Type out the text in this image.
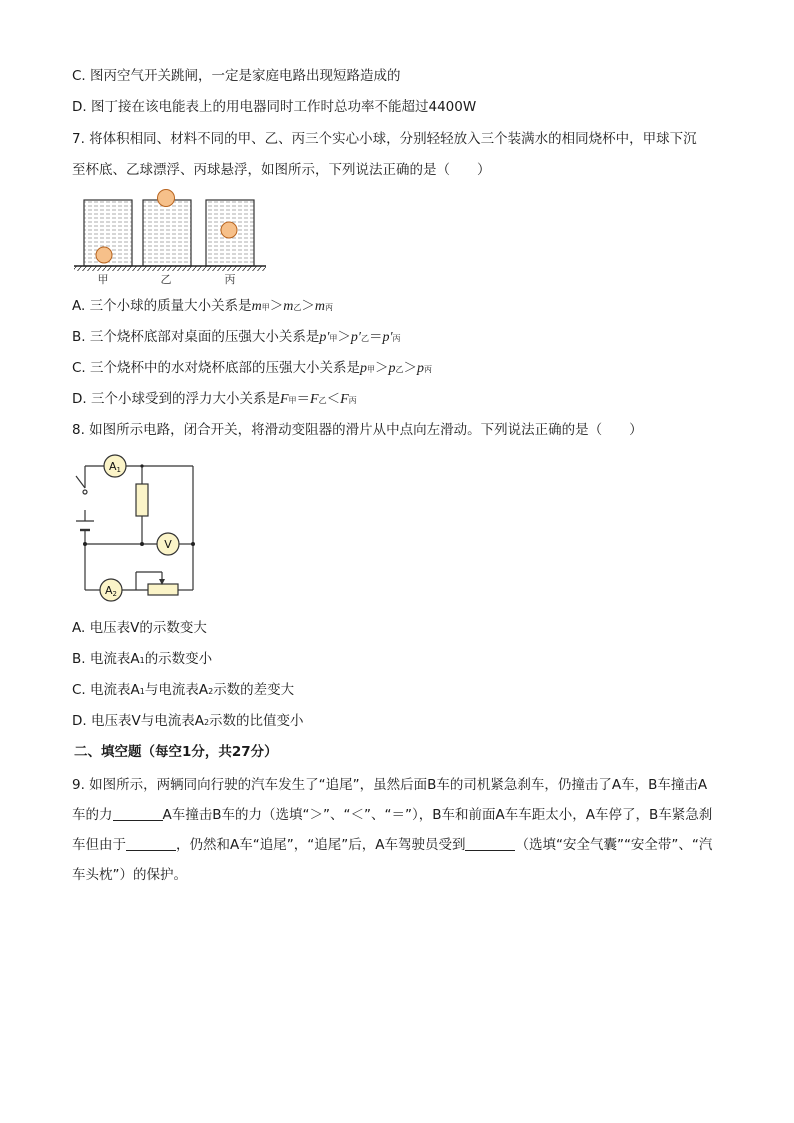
C. 图丙空气开关跳闸，一定是家庭电路出现短路造成的
D. 图丁接在该电能表上的用电器同时工作时总功率不能超过4400W
7. 将体积相同、材料不同的甲、乙、丙三个实心小球，分别轻轻放入三个装满水的相同烧杯中，甲球下沉
至杯底、乙球漂浮、丙球悬浮，如图所示，下列说法正确的是（　　）
甲	乙	丙
A. 三个小球的质量大小关系是m甲＞m乙＞m丙
B. 三个烧杯底部对桌面的压强大小关系是p′甲＞p′乙＝p′丙
C. 三个烧杯中的水对烧杯底部的压强大小关系是p甲＞p乙＞p丙
D. 三个小球受到的浮力大小关系是F甲＝F乙＜F丙
8. 如图所示电路，闭合开关，将滑动变阻器的滑片从中点向左滑动。下列说法正确的是（　　）
A1
V
A2
A. 电压表V的示数变大
B. 电流表A1的示数变小
C. 电流表A1与电流表A2示数的差变大
D. 电压表V与电流表A2示数的比值变小
二、填空题（每空1分，共27分）
9. 如图所示，两辆同向行驶的汽车发生了“追尾”，虽然后面B车的司机紧急刹车，仍撞击了A车，B车撞击A车的力	A车撞击B车的力（选填“＞”、“＜”、“＝”），B车和前面A车车距太小，A车停了，B车紧急刹车但由于	，仍然和A车“追尾”，“追尾”后，A车驾驶员受到	（选填“安全气囊”“安全带”、“汽车头枕”）的保护。
